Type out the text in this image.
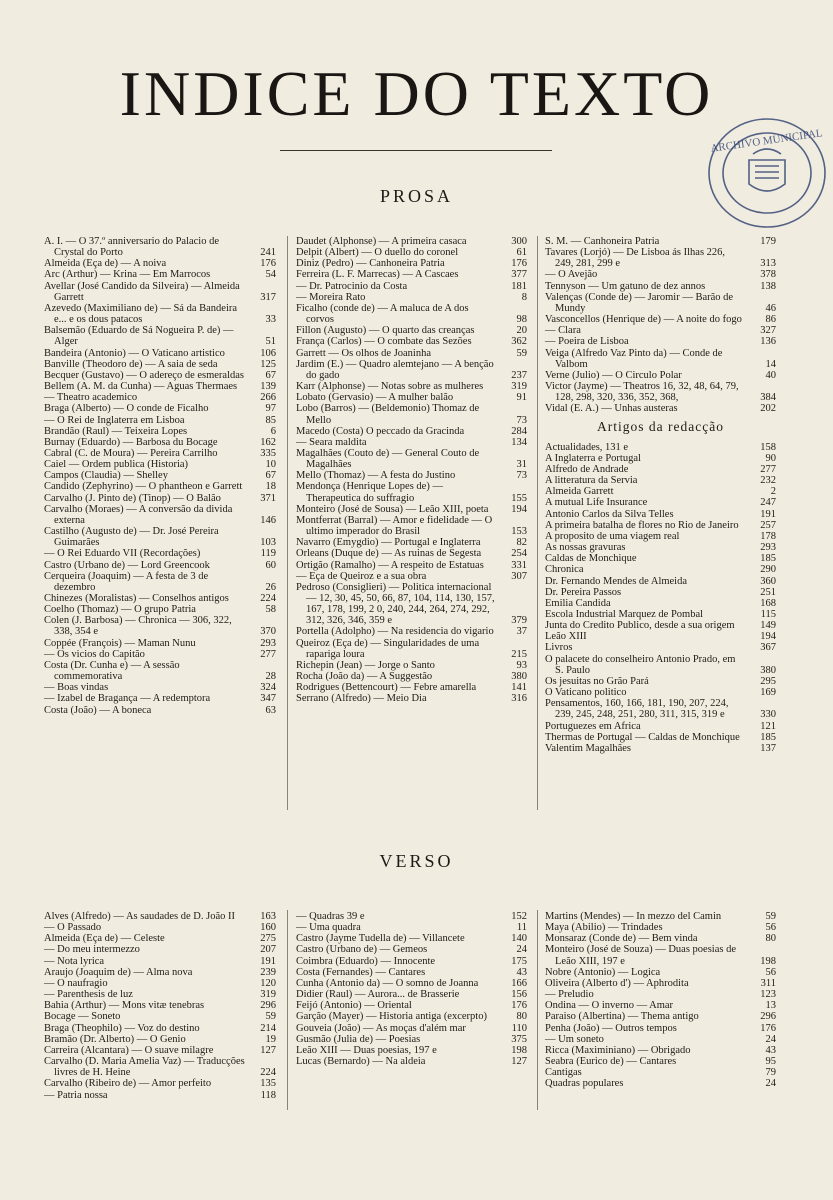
INDICE DO TEXTO
ARCHIVO MUNICIPAL
PROSA
A. I. — O 37.º anniversario do Palacio de Crystal do Porto	241
Almeida (Eça de) — A noiva	176
Arc (Arthur) — Krina — Em Marrocos	54
Avellar (José Candido da Silveira) — Almeida Garrett	317
Azevedo (Maximiliano de) — Sá da Bandeira e... e os dous patacos	33
Balsemão (Eduardo de Sá Nogueira P. de) — Alger	51
Bandeira (Antonio) — O Vaticano artistico	106
Banville (Theodoro de) — A saia de seda	125
Becquer (Gustavo) — O adereço de esmeraldas 67
Bellem (A. M. da Cunha) — Aguas Thermaes 139
— Theatro academico	266
Braga (Alberto) — O conde de Ficalho	97
— O Rei de Inglaterra em Lisboa	85
Brandão (Raul) — Teixeira Lopes	6
Burnay (Eduardo) — Barbosa du Bocage	162
Cabral (C. de Moura) — Pereira Carrilho	335
Caiel — Ordem publica (Historia)	10
Campos (Claudia) — Shelley	67
Candido (Zephyrino) — O phantheon e Garrett 18
Carvalho (J. Pinto de) (Tinop) — O Balão	371
Carvalho (Moraes) — A conversão da divida externa	146
Castilho (Augusto de) — Dr. José Pereira Guimarães	103
— O Rei Eduardo VII (Recordações)	119
Castro (Urbano de) — Lord Greencook	60
Cerqueira (Joaquim) — A festa de 3 de dezembro	26
Chinezes (Moralistas) — Conselhos antigos	224
Coelho (Thomaz) — O grupo Patria	58
Colen (J. Barbosa) — Chronica — 306, 322, 338, 354 e	370
Coppée (François) — Maman Nunu	293
— Os vicios do Capitão	277
Costa (Dr. Cunha e) — A sessão commemorativa	28
— Boas vindas	324
— Izabel de Bragança — A redemptora	347
Costa (João) — A boneca	63
Daudet (Alphonse) — A primeira casaca	300
Delpit (Albert) — O duello do coronel	61
Diniz (Pedro) — Canhoneira Patria	176
Ferreira (L. F. Marrecas) — A Cascaes	377
— Dr. Patrocinio da Costa	181
— Moreira Rato	8
Ficalho (conde de) — A maluca de A dos corvos	98
Fillon (Augusto) — O quarto das creanças	20
França (Carlos) — O combate das Sezões	362
Garrett — Os olhos de Joaninha	59
Jardim (E.) — Quadro alemtejano — A benção do gado	237
Karr (Alphonse) — Notas sobre as mulheres	319
Lobato (Gervasio) — A mulher balão	91
Lobo (Barros) — (Beldemonio) Thomaz de Mello	73
Macedo (Costa) O peccado da Gracinda	284
— Seara maldita	134
Magalhães (Couto de) — General Couto de Magalhães	31
Mello (Thomaz) — A festa do Justino	73
Mendonça (Henrique Lopes de) — Therapeutica do suffragio	155
Monteiro (José de Sousa) — Leão XIII, poeta 194
Montferrat (Barral) — Amor e fidelidade — O ultimo imperador do Brasil	153
Navarro (Emygdio) — Portugal e Inglaterra	82
Orleans (Duque de) — As ruinas de Segesta	254
Ortigão (Ramalho) — A respeito de Estatuas	331
— Eça de Queiroz e a sua obra	307
Pedroso (Consiglieri) — Politica internacional — 12, 30, 45, 50, 66, 87, 104, 114, 130, 157, 167, 178, 199, 2 0, 240, 244, 264, 274, 292, 312, 326, 346, 359 e	379
Portella (Adolpho) — Na residencia do vigario 37
Queiroz (Eça de) — Singularidades de uma rapariga loura	215
Richepin (Jean) — Jorge o Santo	93
Rocha (João da) — A Suggestão	380
Rodrigues (Bettencourt) — Febre amarella	141
Serrano (Alfredo) — Meio Dia	316
S. M. — Canhoneira Patria	179
Tavares (Lorjó) — De Lisboa ás Ilhas 226, 249, 281, 299 e	313
— O Avejão	378
Tennyson — Um gatuno de dez annos	138
Valenças (Conde de) — Jaromir — Barão de Mundy	46
Vasconcellos (Henrique de) — A noite do fogo 86
— Clara	327
— Poeira de Lisboa	136
Veiga (Alfredo Vaz Pinto da) — Conde de Valbom	14
Verne (Julio) — O Circulo Polar	40
Victor (Jayme) — Theatros 16, 32, 48, 64, 79, 128, 298, 320, 336, 352, 368,	384
Vidal (E. A.) — Unhas austeras	202
Artigos da redacção
Actualidades, 131 e	158
A Inglaterra e Portugal	90
Alfredo de Andrade	277
A litteratura da Servia	232
Almeida Garrett	2
A mutual Life Insurance	247
Antonio Carlos da Silva Telles	191
A primeira batalha de flores no Rio de Janeiro 257
A proposito de uma viagem real	178
As nossas gravuras	293
Caldas de Monchique	185
Chronica	290
Dr. Fernando Mendes de Almeida	360
Dr. Pereira Passos	251
Emilia Candida	168
Escola Industrial Marquez de Pombal	115
Junta do Credito Publico, desde a sua origem 149
Leão XIII	194
Livros	367
O palacete do conselheiro Antonio Prado, em S. Paulo	380
Os jesuitas no Grão Pará	295
O Vaticano politico	169
Pensamentos, 160, 166, 181, 190, 207, 224, 239, 245, 248, 251, 280, 311, 315, 319 e	330
Portuguezes em Africa	121
Thermas de Portugal — Caldas de Monchique 185
Valentim Magalhães	137
VERSO
Alves (Alfredo) — As saudades de D. João II 163
— O Passado	160
Almeida (Eça de) — Celeste	275
— Do meu intermezzo	207
— Nota lyrica	191
Araujo (Joaquim de) — Alma nova	239
— O naufragio	120
— Parenthesis de luz	319
Bahia (Arthur) — Mons vitæ tenebras	296
Bocage — Soneto	59
Braga (Theophilo) — Voz do destino	214
Bramão (Dr. Alberto) — O Genio	19
Carreira (Alcantara) — O suave milagre	127
Carvalho (D. Maria Amelia Vaz) — Traducções livres de H. Heine	224
Carvalho (Ribeiro de) — Amor perfeito	135
— Patria nossa	118
— Quadras 39 e	152
— Uma quadra	11
Castro (Jayme Tudella de) — Villancete	140
Castro (Urbano de) — Gemeos	24
Coimbra (Eduardo) — Innocente	175
Costa (Fernandes) — Cantares	43
Cunha (Antonio da) — O somno de Joanna	166
Didier (Raul) — Aurora... de Brasserie	156
Feijó (Antonio) — Oriental	176
Garção (Mayer) — Historia antiga (excerpto)	80
Gouveia (João) — As moças d'além mar	110
Gusmão (Julia de) — Poesias	375
Leão XIII — Duas poesias, 197 e	198
Lucas (Bernardo) — Na aldeia	127
Martins (Mendes) — In mezzo del Camin	59
Maya (Abilio) — Trindades	56
Monsaraz (Conde de) — Bem vinda	80
Monteiro (José de Souza) — Duas poesias de Leão XIII, 197 e	198
Nobre (Antonio) — Logica	56
Oliveira (Alberto d') — Aphrodita	311
— Preludio	123
Ondina — O inverno — Amar	13
Paraiso (Albertina) — Thema antigo	296
Penha (João) — Outros tempos	176
— Um soneto	24
Ricca (Maximiniano) — Obrigado	43
Seabra (Eurico de) — Cantares	95
Cantigas	79
Quadras populares	24
